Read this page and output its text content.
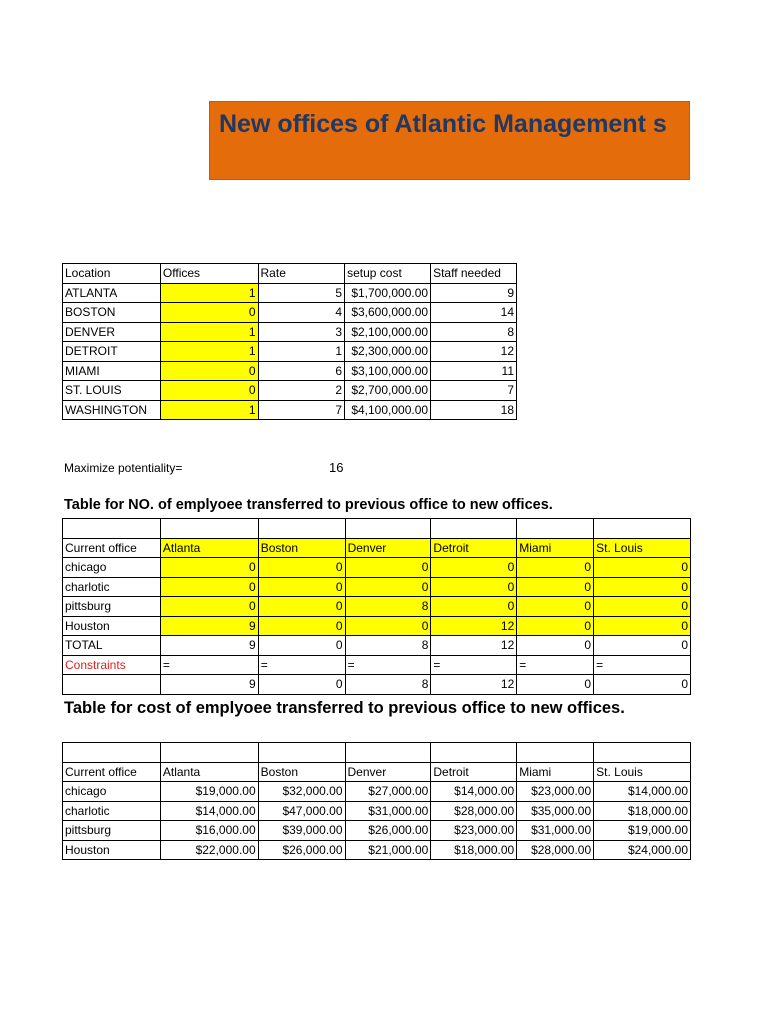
New offices of Atlantic Management s
Location	Offices	Rate	setup cost	Staff needed
ATLANTA	1	5	$1,700,000.00	9
BOSTON	0	4	$3,600,000.00	14
DENVER	1	3	$2,100,000.00	8
DETROIT	1	1	$2,300,000.00	12
MIAMI	0	6	$3,100,000.00	11
ST. LOUIS	0	2	$2,700,000.00	7
WASHINGTON	1	7	$4,100,000.00	18
Maximize potentiality=	16
Table for NO. of emplyoee transferred to previous office to new offices.

Current office	Atlanta	Boston	Denver	Detroit	Miami	St. Louis
chicago	0	0	0	0	0	0
charlotic	0	0	0	0	0	0
pittsburg	0	0	8	0	0	0
Houston	9	0	0	12	0	0
TOTAL	9	0	8	12	0	0
Constraints	=	=	=	=	=	=
	9	0	8	12	0	0
Table for cost of emplyoee transferred to previous office to new offices.

Current office	Atlanta	Boston	Denver	Detroit	Miami	St. Louis
chicago	$19,000.00	$32,000.00	$27,000.00	$14,000.00	$23,000.00	$14,000.00
charlotic	$14,000.00	$47,000.00	$31,000.00	$28,000.00	$35,000.00	$18,000.00
pittsburg	$16,000.00	$39,000.00	$26,000.00	$23,000.00	$31,000.00	$19,000.00
Houston	$22,000.00	$26,000.00	$21,000.00	$18,000.00	$28,000.00	$24,000.00
